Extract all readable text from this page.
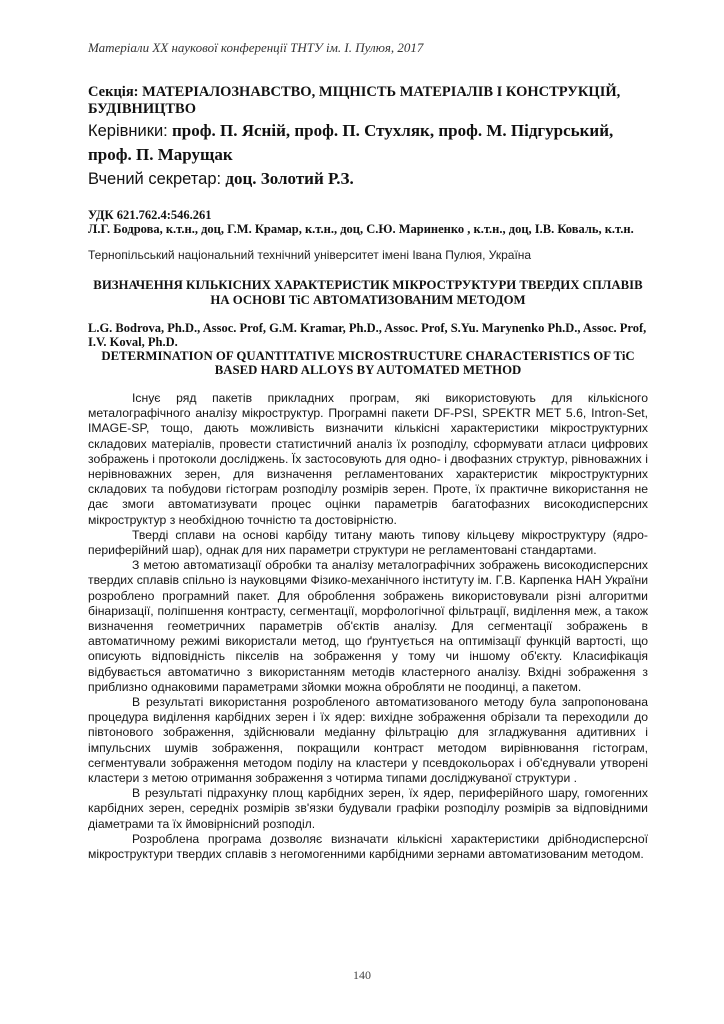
Матеріали ХХ наукової конференції ТНТУ ім. І. Пулюя, 2017
Секція: МАТЕРІАЛОЗНАВСТВО, МІЦНІСТЬ МАТЕРІАЛІВ І КОНСТРУКЦІЙ, БУДІВНИЦТВО
Керівники: проф. П. Ясній, проф. П. Стухляк, проф. М. Підгурський, проф. П. Марущак
Вчений секретар: доц. Золотий Р.З.
УДК 621.762.4:546.261
Л.Г. Бодрова, к.т.н., доц, Г.М. Крамар, к.т.н., доц, С.Ю. Мариненко , к.т.н., доц, І.В. Коваль, к.т.н.
Тернопільський національний технічний університет імені Івана Пулюя, Україна
ВИЗНАЧЕННЯ КІЛЬКІСНИХ ХАРАКТЕРИСТИК МІКРОСТРУКТУРИ ТВЕРДИХ СПЛАВІВ НА ОСНОВІ TiC АВТОМАТИЗОВАНИМ МЕТОДОМ
L.G. Bodrova, Ph.D., Assoc. Prof, G.M. Kramar, Ph.D., Assoc. Prof, S.Yu. Marynenko Ph.D., Assoc. Prof, I.V. Koval, Ph.D.
DETERMINATION OF QUANTITATIVE MICROSTRUCTURE CHARACTERISTICS OF TiC BASED HARD ALLOYS BY AUTOMATED METHOD

Існує ряд пакетів прикладних програм, які використовують для кількісного металографічного аналізу мікроструктур. Програмні пакети DF-PSI, SPEKTR MET 5.6, Intron-Set, IMAGE-SP, тощо, дають можливість визначити кількісні характеристики мікроструктурних складових матеріалів, провести статистичний аналіз їх розподілу, сформувати атласи цифрових зображень і протоколи досліджень. Їх застосовують для одно- і двофазних структур, рівноважних і нерівноважних зерен, для визначення регламентованих характеристик мікроструктурних складових та побудови гістограм розподілу розмірів зерен. Проте, їх практичне використання не дає змоги автоматизувати процес оцінки параметрів багатофазних високодисперсних мікроструктур з необхідною точністю та достовірністю.

Тверді сплави на основі карбіду титану мають типову кільцеву мікроструктуру (ядро-периферійний шар), однак для них параметри структури не регламентовані стандартами.

З метою автоматизації обробки та аналізу металографічних зображень високодисперсних твердих сплавів спільно із науковцями Фізико-механічного інституту ім. Г.В. Карпенка НАН України розроблено програмний пакет. Для оброблення зображень використовували різні алгоритми бінаризації, поліпшення контрасту, сегментації, морфологічної фільтрації, виділення меж, а також визначення геометричних параметрів об'єктів аналізу. Для сегментації зображень в автоматичному режимі використали метод, що ґрунтується на оптимізації функцій вартості, що описують відповідність пікселів на зображення у тому чи іншому об'єкту. Класифікація відбувається автоматично з використанням методів кластерного аналізу. Вхідні зображення з приблизно однаковими параметрами зйомки можна обробляти не поодинці, а пакетом.

В результаті використання розробленого автоматизованого методу була запропонована процедура виділення карбідних зерен і їх ядер: вихідне зображення обрізали та переходили до півтонового зображення, здійснювали медіанну фільтрацію для згладжування адитивних і імпульсних шумів зображення, покращили контраст методом вирівнювання гістограм, сегментували зображення методом поділу на кластери у псевдокольорах і об'єднували утворені кластери з метою отримання зображення з чотирма типами досліджуваної структури .

В результаті підрахунку площ карбідних зерен, їх ядер, периферійного шару, гомогенних карбідних зерен, середніх розмірів зв'язки будували графіки розподілу розмірів за відповідними діаметрами та їх ймовірнісний розподіл.

Розроблена програма дозволяє визначати кількісні характеристики дрібнодисперсної мікроструктури твердих сплавів з негомогенними карбідними зернами автоматизованим методом.

140
